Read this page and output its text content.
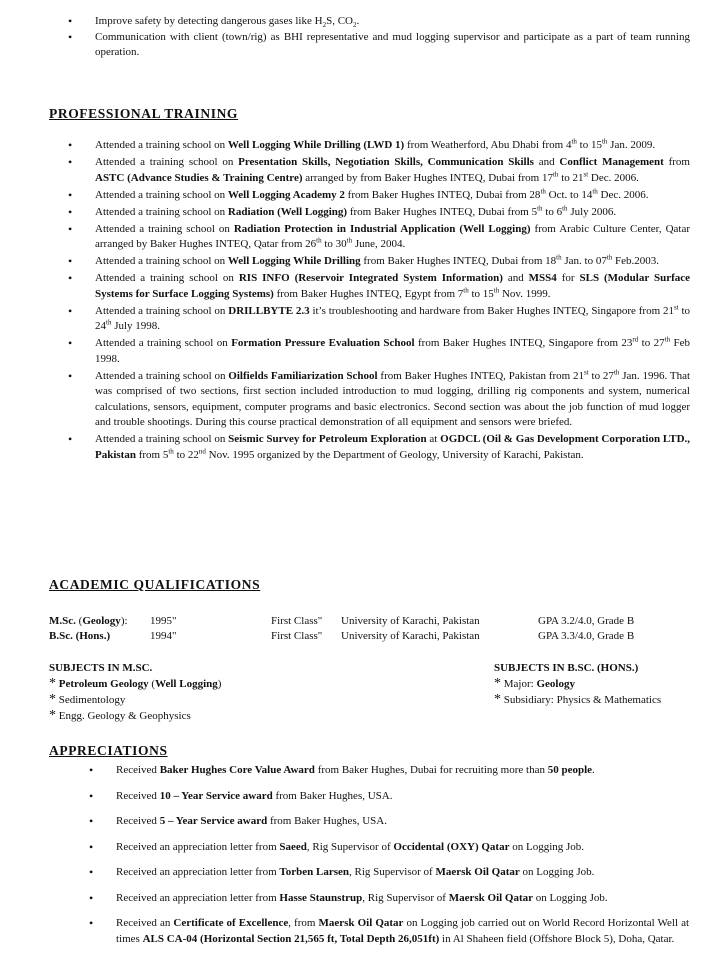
• Improve safety by detecting dangerous gases like $H_2S$, $CO_2$.
• Communication with client (town/rig) as BHI representative and mud logging supervisor and participate as a part of team running operation.
PROFESSIONAL TRAINING
• Attended a training school on Well Logging While Drilling (LWD 1) from Weatherford, Abu Dhabi from 4th to 15th Jan. 2009.
• Attended a training school on Presentation Skills, Negotiation Skills, Communication Skills and Conflict Management from ASTC (Advance Studies & Training Centre) arranged by from Baker Hughes INTEQ, Dubai from 17th to 21st Dec. 2006.
• Attended a training school on Well Logging Academy 2 from Baker Hughes INTEQ, Dubai from 28th Oct. to 14th Dec. 2006.
• Attended a training school on Radiation (Well Logging) from Baker Hughes INTEQ, Dubai from 5th to 6th July 2006.
• Attended a training school on Radiation Protection in Industrial Application (Well Logging) from Arabic Culture Center, Qatar arranged by Baker Hughes INTEQ, Qatar from 26th to 30th June, 2004.
• Attended a training school on Well Logging While Drilling from Baker Hughes INTEQ, Dubai from 18th Jan. to 07th Feb.2003.
• Attended a training school on RIS INFO (Reservoir Integrated System Information) and MSS4 for SLS (Modular Surface Systems for Surface Logging Systems) from Baker Hughes INTEQ, Egypt from 7th to 15th Nov. 1999.
• Attended a training school on DRILLBYTE 2.3 it’s troubleshooting and hardware from Baker Hughes INTEQ, Singapore from 21st to 24th July 1998.
• Attended a training school on Formation Pressure Evaluation School from Baker Hughes INTEQ, Singapore from 23rd to 27th Feb 1998.
• Attended a training school on Oilfields Familiarization School from Baker Hughes INTEQ, Pakistan from 21st to 27th Jan. 1996. That was comprised of two sections, first section included introduction to mud logging, drilling rig components and system, numerical calculations, sensors, equipment, computer programs and basic electronics. Second section was about the job function of mud logger and trouble shootings. During this course practical demonstration of all equipment and sensors were briefed.
• Attended a training school on Seismic Survey for Petroleum Exploration at OGDCL (Oil & Gas Development Corporation LTD., Pakistan from 5th to 22nd Nov. 1995 organized by the Department of Geology, University of Karachi, Pakistan.
ACADEMIC QUALIFICATIONS
M.Sc. (Geology): 1995"	First Class" University of Karachi, Pakistan	GPA 3.2/4.0, Grade B
B.Sc. (Hons.)	1994"	First Class" University of Karachi, Pakistan	GPA 3.3/4.0, Grade B
SUBJECTS IN M.SC.
* Petroleum Geology (Well Logging)
* Sedimentology
* Engg. Geology & Geophysics
SUBJECTS IN B.SC. (HONS.)
* Major: Geology
* Subsidiary: Physics & Mathematics
APPRECIATIONS
• Received Baker Hughes Core Value Award from Baker Hughes, Dubai for recruiting more than 50 people.
• Received 10 – Year Service award from Baker Hughes, USA.
• Received 5 – Year Service award from Baker Hughes, USA.
• Received an appreciation letter from Saeed, Rig Supervisor of Occidental (OXY) Qatar on Logging Job.
• Received an appreciation letter from Torben Larsen, Rig Supervisor of Maersk Oil Qatar on Logging Job.
• Received an appreciation letter from Hasse Staunstrup, Rig Supervisor of Maersk Oil Qatar on Logging Job.
• Received an Certificate of Excellence, from Maersk Oil Qatar on Logging job carried out on World Record Horizontal Well at times ALS CA-04 (Horizontal Section 21,565 ft, Total Depth 26,051ft) in Al Shaheen field (Offshore Block 5), Doha, Qatar.
